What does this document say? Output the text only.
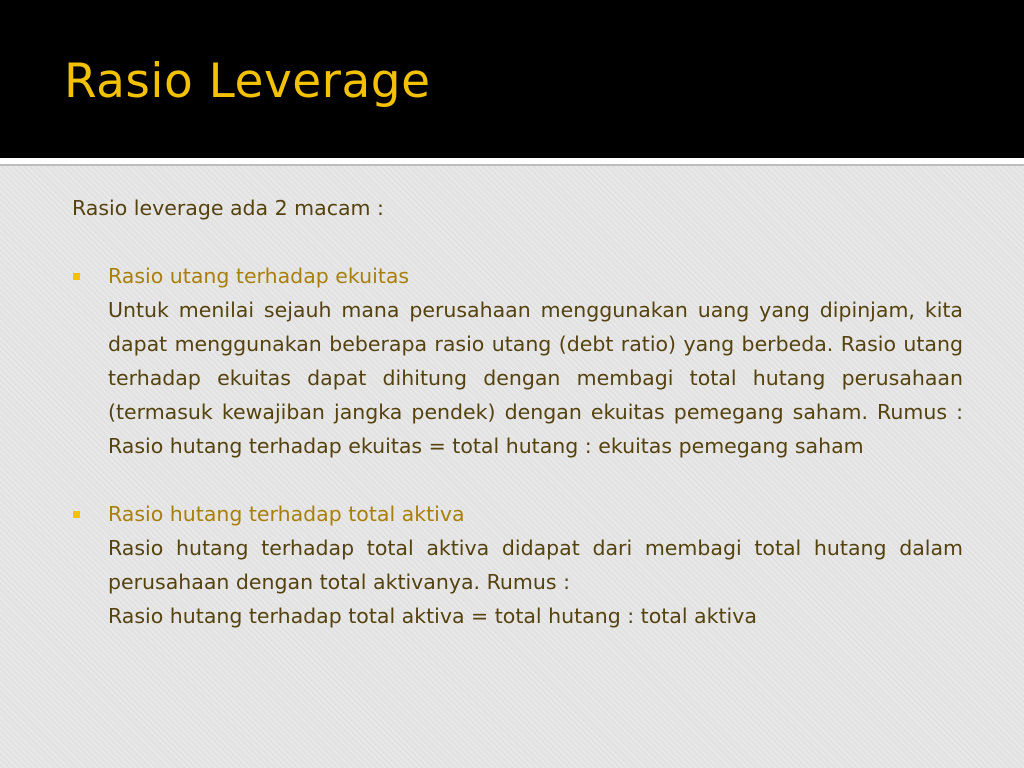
Rasio Leverage

Rasio leverage ada 2 macam :

Rasio utang terhadap ekuitas
Untuk menilai sejauh mana perusahaan menggunakan uang yang dipinjam, kita dapat menggunakan beberapa rasio utang (debt ratio) yang berbeda. Rasio utang terhadap ekuitas dapat dihitung dengan membagi total hutang perusahaan (termasuk kewajiban jangka pendek) dengan ekuitas pemegang saham. Rumus : Rasio hutang terhadap ekuitas = total hutang : ekuitas pemegang saham
Rasio hutang terhadap total aktiva
Rasio hutang terhadap total aktiva didapat dari membagi total hutang dalam perusahaan dengan total aktivanya. Rumus :
Rasio hutang terhadap total aktiva = total hutang : total aktiva
